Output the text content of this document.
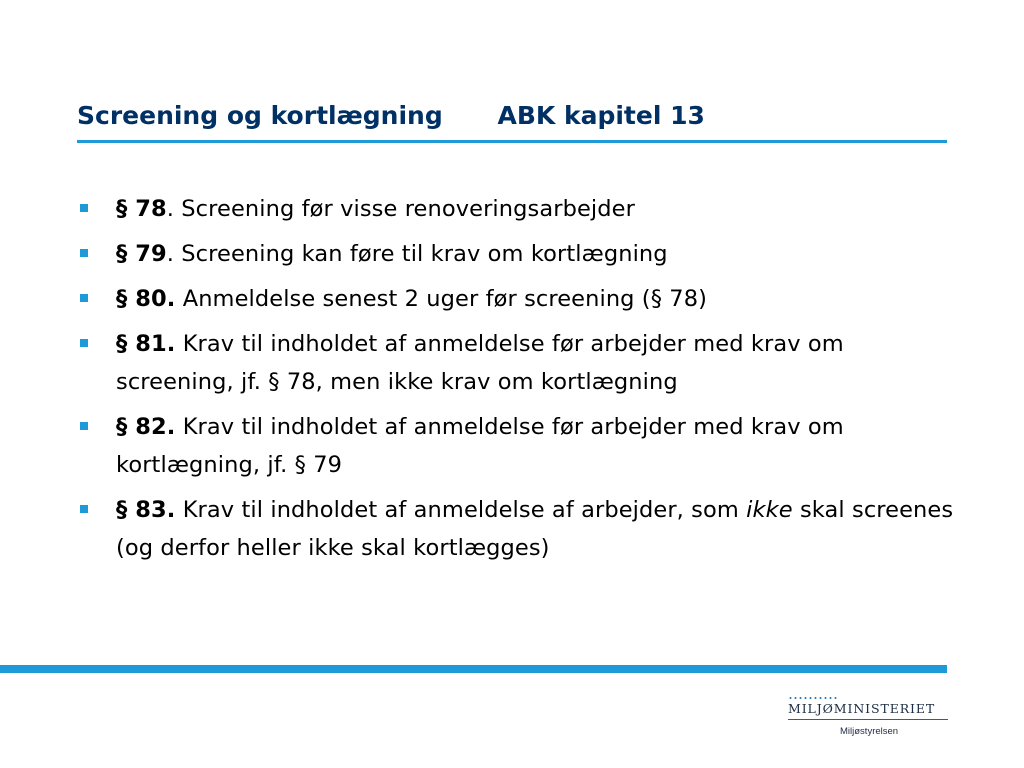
Screening og kortlægning ABK kapitel 13
§ 78. Screening før visse renoveringsarbejder
§ 79. Screening kan føre til krav om kortlægning
§ 80. Anmeldelse senest 2 uger før screening (§ 78)
§ 81. Krav til indholdet af anmeldelse før arbejder med krav om screening, jf. § 78, men ikke krav om kortlægning
§ 82. Krav til indholdet af anmeldelse før arbejder med krav om kortlægning, jf. § 79
§ 83. Krav til indholdet af anmeldelse af arbejder, som ikke skal screenes (og derfor heller ikke skal kortlægges)
MILJØMINISTERIET
Miljøstyrelsen
